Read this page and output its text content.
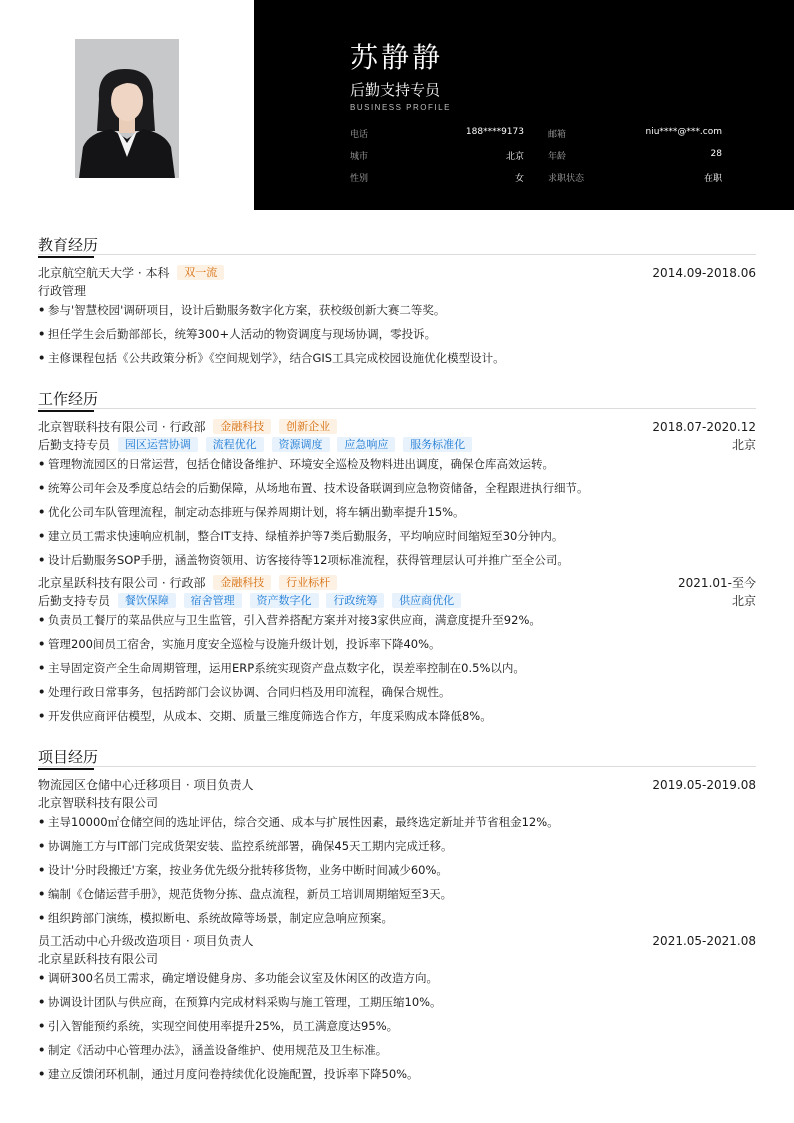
苏静静
后勤支持专员
BUSINESS PROFILE
电话	188****9173	邮箱	niu****@***.com
城市	北京	年龄	28
性别	女	求职状态	在职
教育经历
北京航空航天大学 · 本科 双一流	2014.09-2018.06
行政管理
• 参与'智慧校园'调研项目，设计后勤服务数字化方案，获校级创新大赛二等奖。
• 担任学生会后勤部部长，统筹300+人活动的物资调度与现场协调，零投诉。
• 主修课程包括《公共政策分析》《空间规划学》，结合GIS工具完成校园设施优化模型设计。
工作经历
北京智联科技有限公司 · 行政部 金融科技 创新企业	2018.07-2020.12
后勤支持专员 园区运营协调 流程优化 资源调度 应急响应 服务标准化	北京
• 管理物流园区的日常运营，包括仓储设备维护、环境安全巡检及物料进出调度，确保仓库高效运转。
• 统筹公司年会及季度总结会的后勤保障，从场地布置、技术设备联调到应急物资储备，全程跟进执行细节。
• 优化公司车队管理流程，制定动态排班与保养周期计划，将车辆出勤率提升15%。
• 建立员工需求快速响应机制，整合IT支持、绿植养护等7类后勤服务，平均响应时间缩短至30分钟内。
• 设计后勤服务SOP手册，涵盖物资领用、访客接待等12项标准流程，获得管理层认可并推广至全公司。
北京星跃科技有限公司 · 行政部 金融科技 行业标杆	2021.01-至今
后勤支持专员 餐饮保障 宿舍管理 资产数字化 行政统筹 供应商优化	北京
• 负责员工餐厅的菜品供应与卫生监管，引入营养搭配方案并对接3家供应商，满意度提升至92%。
• 管理200间员工宿舍，实施月度安全巡检与设施升级计划，投诉率下降40%。
• 主导固定资产全生命周期管理，运用ERP系统实现资产盘点数字化，误差率控制在0.5%以内。
• 处理行政日常事务，包括跨部门会议协调、合同归档及用印流程，确保合规性。
• 开发供应商评估模型，从成本、交期、质量三维度筛选合作方，年度采购成本降低8%。
项目经历
物流园区仓储中心迁移项目 · 项目负责人	2019.05-2019.08
北京智联科技有限公司
• 主导10000㎡仓储空间的选址评估，综合交通、成本与扩展性因素，最终选定新址并节省租金12%。
• 协调施工方与IT部门完成货架安装、监控系统部署，确保45天工期内完成迁移。
• 设计'分时段搬迁'方案，按业务优先级分批转移货物，业务中断时间减少60%。
• 编制《仓储运营手册》，规范货物分拣、盘点流程，新员工培训周期缩短至3天。
• 组织跨部门演练，模拟断电、系统故障等场景，制定应急响应预案。
员工活动中心升级改造项目 · 项目负责人	2021.05-2021.08
北京星跃科技有限公司
• 调研300名员工需求，确定增设健身房、多功能会议室及休闲区的改造方向。
• 协调设计团队与供应商，在预算内完成材料采购与施工管理，工期压缩10%。
• 引入智能预约系统，实现空间使用率提升25%，员工满意度达95%。
• 制定《活动中心管理办法》，涵盖设备维护、使用规范及卫生标准。
• 建立反馈闭环机制，通过月度问卷持续优化设施配置，投诉率下降50%。
